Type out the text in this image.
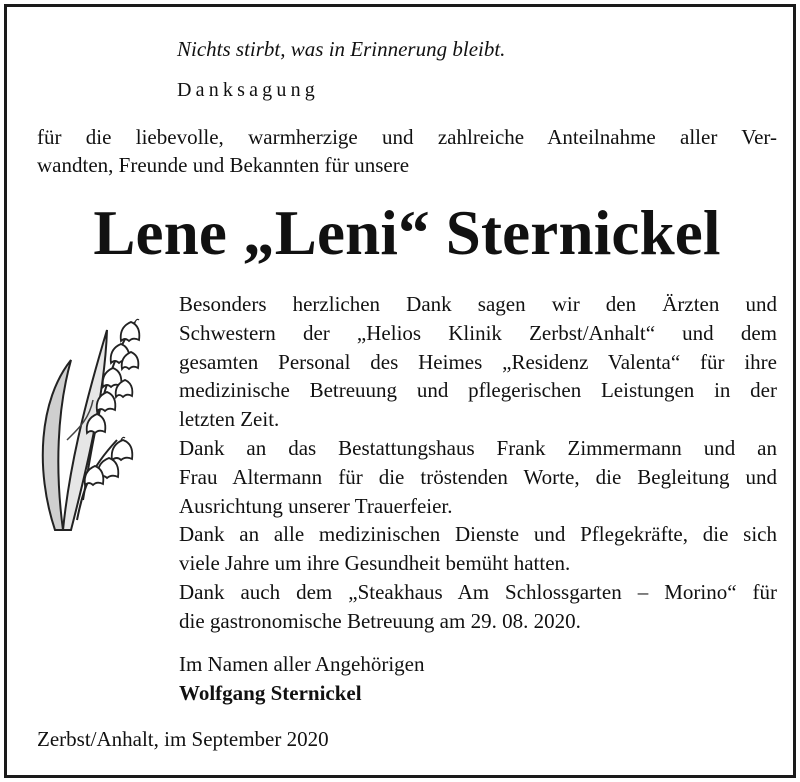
Nichts stirbt, was in Erinnerung bleibt.
Danksagung
für die liebevolle, warmherzige und zahlreiche Anteilnahme aller Ver-
wandten, Freunde und Bekannten für unsere
Lene „Leni“ Sternickel
Besonders herzlichen Dank sagen wir den Ärzten und
Schwestern der „Helios Klinik Zerbst/Anhalt“ und dem
gesamten Personal des Heimes „Residenz Valenta“ für ihre
medizinische Betreuung und pflegerischen Leistungen in der
letzten Zeit.
Dank an das Bestattungshaus Frank Zimmermann und an
Frau Altermann für die tröstenden Worte, die Begleitung und
Ausrichtung unserer Trauerfeier.
Dank an alle medizinischen Dienste und Pflegekräfte, die sich
viele Jahre um ihre Gesundheit bemüht hatten.
Dank auch dem „Steakhaus Am Schlossgarten – Morino“ für
die gastronomische Betreuung am 29. 08. 2020.
Im Namen aller Angehörigen
Wolfgang Sternickel
Zerbst/Anhalt, im September 2020
